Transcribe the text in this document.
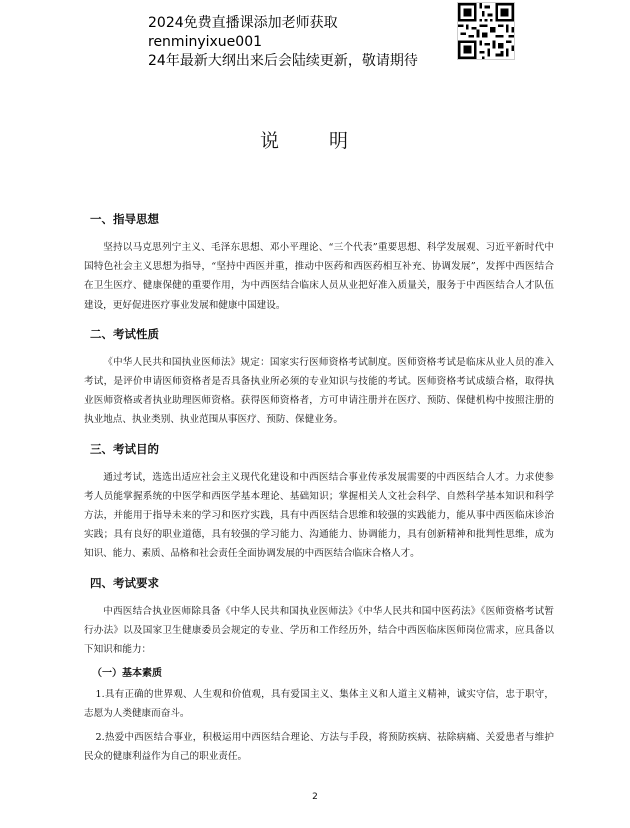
2024免费直播课添加老师获取renminyixue001
24年最新大纲出来后会陆续更新，敬请期待
说 明
一、指导思想

坚持以马克思列宁主义、毛泽东思想、邓小平理论、“三个代表”重要思想、科学发展观、习近平新时代中国特色社会主义思想为指导，“坚持中西医并重，推动中医药和西医药相互补充、协调发展”，发挥中西医结合在卫生医疗、健康保健的重要作用，为中西医结合临床人员从业把好准入质量关，服务于中西医结合人才队伍建设，更好促进医疗事业发展和健康中国建设。

二、考试性质

《中华人民共和国执业医师法》规定：国家实行医师资格考试制度。医师资格考试是临床从业人员的准入考试，是评价申请医师资格者是否具备执业所必须的专业知识与技能的考试。医师资格考试成绩合格，取得执业医师资格或者执业助理医师资格。获得医师资格者，方可申请注册并在医疗、预防、保健机构中按照注册的执业地点、执业类别、执业范围从事医疗、预防、保健业务。

三、考试目的

通过考试，选选出适应社会主义现代化建设和中西医结合事业传承发展需要的中西医结合人才。力求使参考人员能掌握系统的中医学和西医学基本理论、基础知识；掌握相关人文社会科学、自然科学基本知识和科学方法，并能用于指导未来的学习和医疗实践，具有中西医结合思维和较强的实践能力，能从事中西医临床诊治实践；具有良好的职业道德，具有较强的学习能力、沟通能力、协调能力，具有创新精神和批判性思维，成为知识、能力、素质、品格和社会责任全面协调发展的中西医结合临床合格人才。

四、考试要求

中西医结合执业医师除具备《中华人民共和国执业医师法》《中华人民共和国中医药法》《医师资格考试暂行办法》以及国家卫生健康委员会规定的专业、学历和工作经历外，结合中西医临床医师岗位需求，应具备以下知识和能力：

（一）基本素质

1.具有正确的世界观、人生观和价值观，具有爱国主义、集体主义和人道主义精神，诚实守信，忠于职守，志愿为人类健康而奋斗。

2.热爱中西医结合事业，积极运用中西医结合理论、方法与手段，将预防疾病、祛除病痛、关爱患者与维护民众的健康利益作为自己的职业责任。

2
